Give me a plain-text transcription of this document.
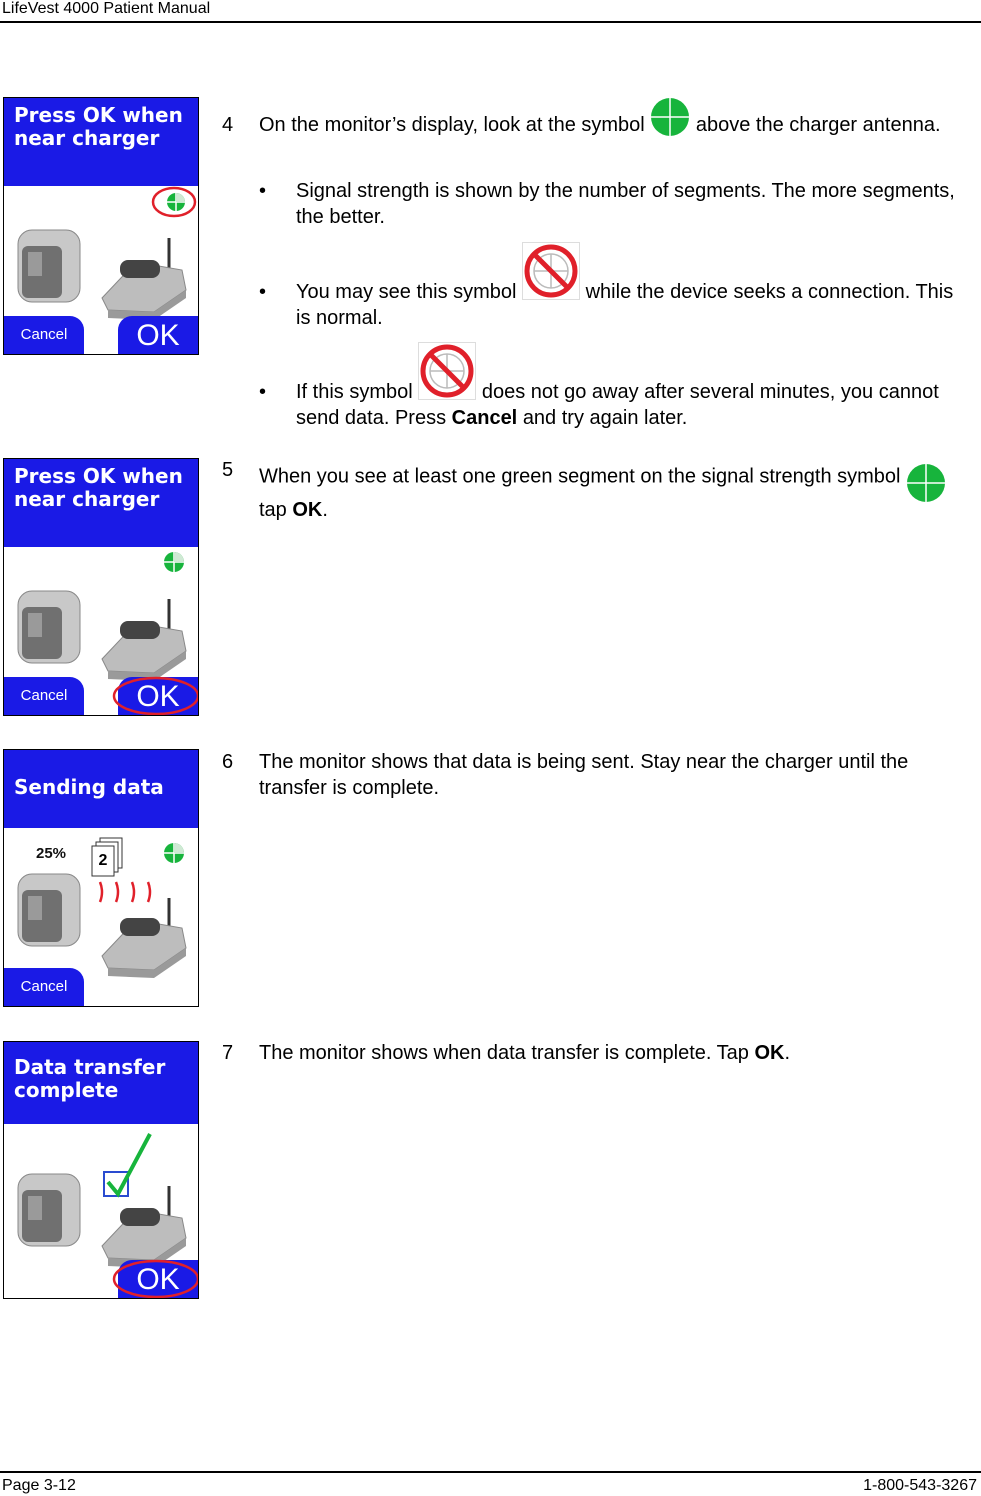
LifeVest 4000 Patient Manual
Page 3-12	1-800-543-3267
Press OK when near charger
Cancel	OK
Press OK when near charger
Cancel	OK
Sending data
25%	2
Cancel
Data transfer complete
OK
4 On the monitor’s display, look at the symbol	above the charger antenna.
• Signal strength is shown by the number of segments. The more segments, the better.
• You may see this symbol	while the device seeks a connection. This is normal.
• If this symbol	does not go away after several minutes, you cannot send data. Press Cancel and try again later.
5 When you see at least one green segment on the signal strength symbol  tap OK.
6 The monitor shows that data is being sent. Stay near the charger until the transfer is complete.
7 The monitor shows when data transfer is complete. Tap OK.
